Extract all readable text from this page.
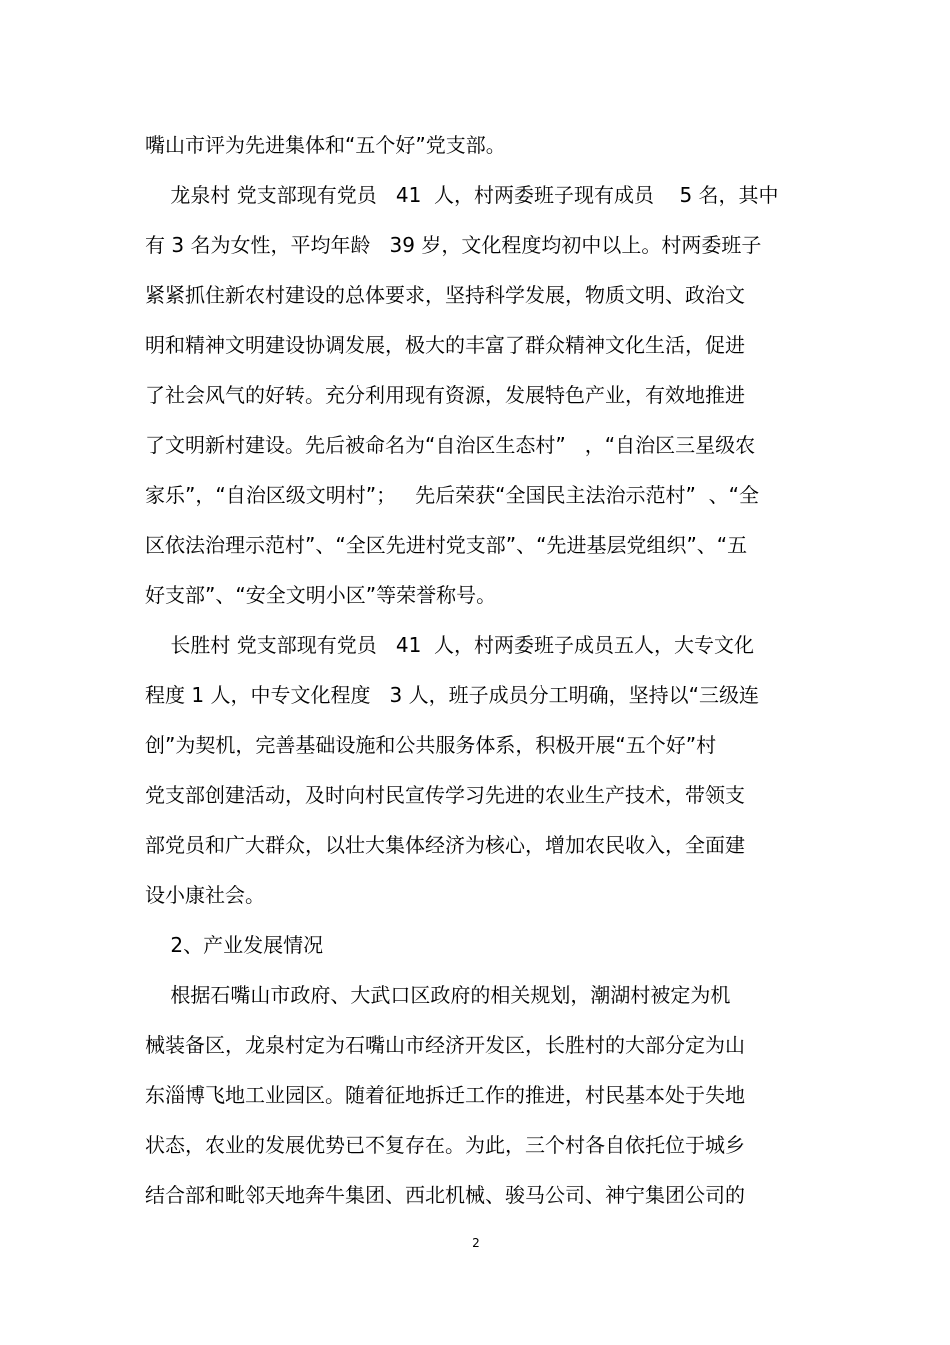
嘴山市评为先进集体和“五个好”党支部。

龙泉村 党支部现有党员   41  人，村两委班子现有成员    5 名，其中

有 3 名为女性，平均年龄   39 岁，文化程度均初中以上。村两委班子

紧紧抓住新农村建设的总体要求，坚持科学发展，物质文明、政治文

明和精神文明建设协调发展，极大的丰富了群众精神文化生活，促进

了社会风气的好转。充分利用现有资源，发展特色产业，有效地推进

了文明新村建设。先后被命名为“自治区生态村”   ，“自治区三星级农

家乐”，“自治区级文明村”；   先后荣获“全国民主法治示范村”  、“全

区依法治理示范村”、“全区先进村党支部”、“先进基层党组织”、“五

好支部”、“安全文明小区”等荣誉称号。

长胜村 党支部现有党员   41  人，村两委班子成员五人，大专文化

程度 1 人，中专文化程度   3 人，班子成员分工明确，坚持以“三级连

创”为契机，完善基础设施和公共服务体系，积极开展“五个好”村

党支部创建活动，及时向村民宣传学习先进的农业生产技术，带领支

部党员和广大群众，以壮大集体经济为核心，增加农民收入，全面建

设小康社会。

2、产业发展情况

根据石嘴山市政府、大武口区政府的相关规划，潮湖村被定为机

械装备区，龙泉村定为石嘴山市经济开发区，长胜村的大部分定为山

东淄博飞地工业园区。随着征地拆迁工作的推进，村民基本处于失地

状态，农业的发展优势已不复存在。为此，三个村各自依托位于城乡

结合部和毗邻天地奔牛集团、西北机械、骏马公司、神宁集团公司的

2
